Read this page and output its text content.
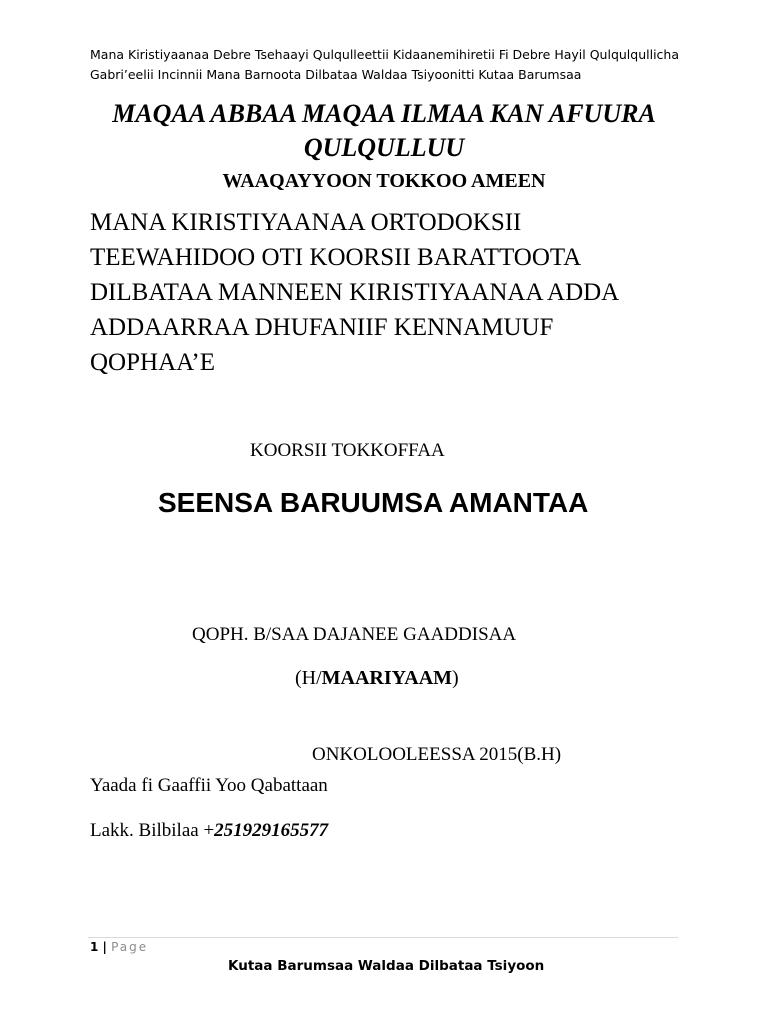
Mana Kiristiyaanaa Debre Tsehaayi Qulqulleettii Kidaanemihiretii Fi Debre Hayil Qulqulqullicha
Gabri’eelii Incinnii Mana Barnoota Dilbataa Waldaa Tsiyoonitti Kutaa Barumsaa
MAQAA ABBAA MAQAA ILMAA KAN AFUURA
QULQULLUU
WAAQAYYOON TOKKOO AMEEN
MANA KIRISTIYAANAA ORTODOKSII
TEEWAHIDOO OTI KOORSII BARATTOOTA
DILBATAA MANNEEN KIRISTIYAANAA ADDA
ADDAARRAA DHUFANIIF KENNAMUUF
QOPHAA’E
KOORSII TOKKOFFAA
SEENSA BARUUMSA AMANTAA
QOPH. B/SAA DAJANEE GAADDISAA
(H/MAARIYAAM)
ONKOLOOLEESSA 2015(B.H)
Yaada fi Gaaffii Yoo Qabattaan
Lakk. Bilbilaa +251929165577
1 | Page
Kutaa Barumsaa Waldaa Dilbataa Tsiyoon
